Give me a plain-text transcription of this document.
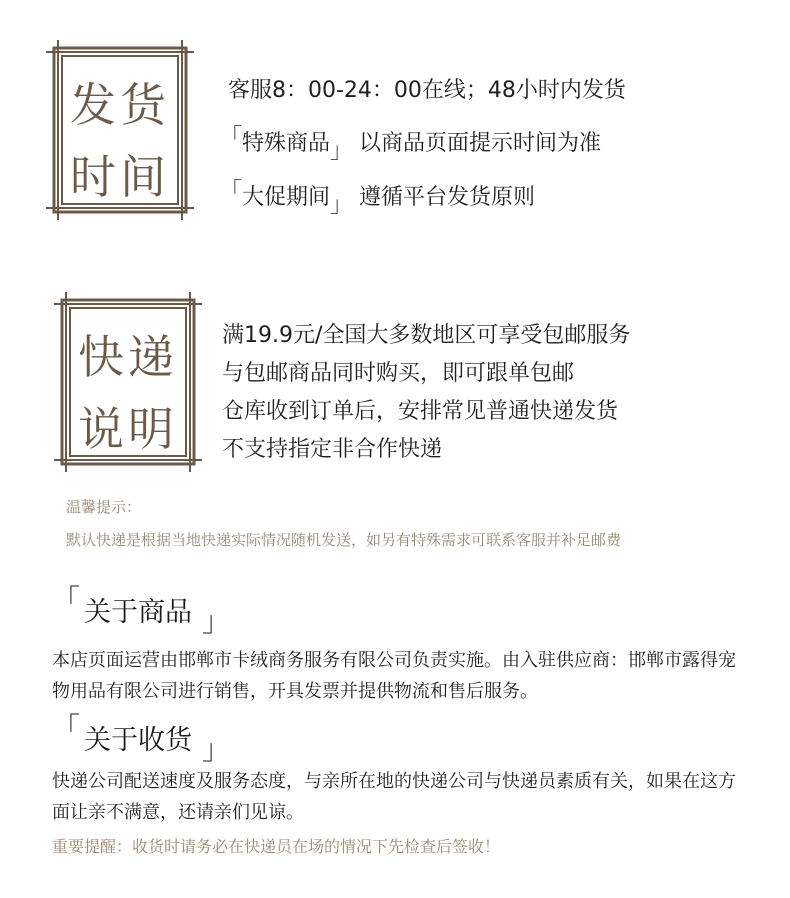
发货
时间
客服8：00-24：00在线；48小时内发货
「特殊商品」 以商品页面提示时间为准
「大促期间」 遵循平台发货原则
快递
说明
满19.9元/全国大多数地区可享受包邮服务
与包邮商品同时购买，即可跟单包邮
仓库收到订单后，安排常见普通快递发货
不支持指定非合作快递
温馨提示：
默认快递是根据当地快递实际情况随机发送，如另有特殊需求可联系客服并补足邮费
「 关于商品 」
本店页面运营由邯郸市卡绒商务服务有限公司负责实施。由入驻供应商：邯郸市露得宠物用品有限公司进行销售，开具发票并提供物流和售后服务。
「 关于收货 」
快递公司配送速度及服务态度，与亲所在地的快递公司与快递员素质有关，如果在这方面让亲不满意，还请亲们见谅。
重要提醒：收货时请务必在快递员在场的情况下先检查后签收！
